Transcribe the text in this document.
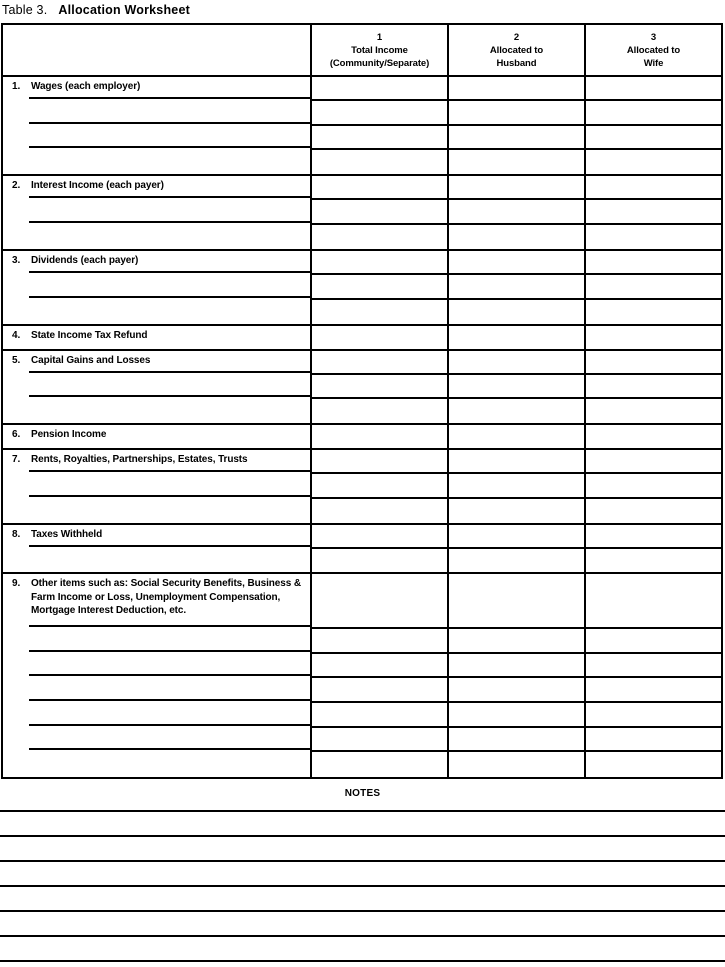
Table 3. Allocation Worksheet
1
Total Income
(Community/Separate)
2
Allocated to
Husband
3
Allocated to
Wife
1. Wages (each employer)
2. Interest Income (each payer)
3. Dividends (each payer)
4. State Income Tax Refund
5. Capital Gains and Losses
6. Pension Income
7. Rents, Royalties, Partnerships, Estates, Trusts
8. Taxes Withheld
9. Other items such as: Social Security Benefits, Business & Farm Income or Loss, Unemployment Compensation, Mortgage Interest Deduction, etc.
NOTES
